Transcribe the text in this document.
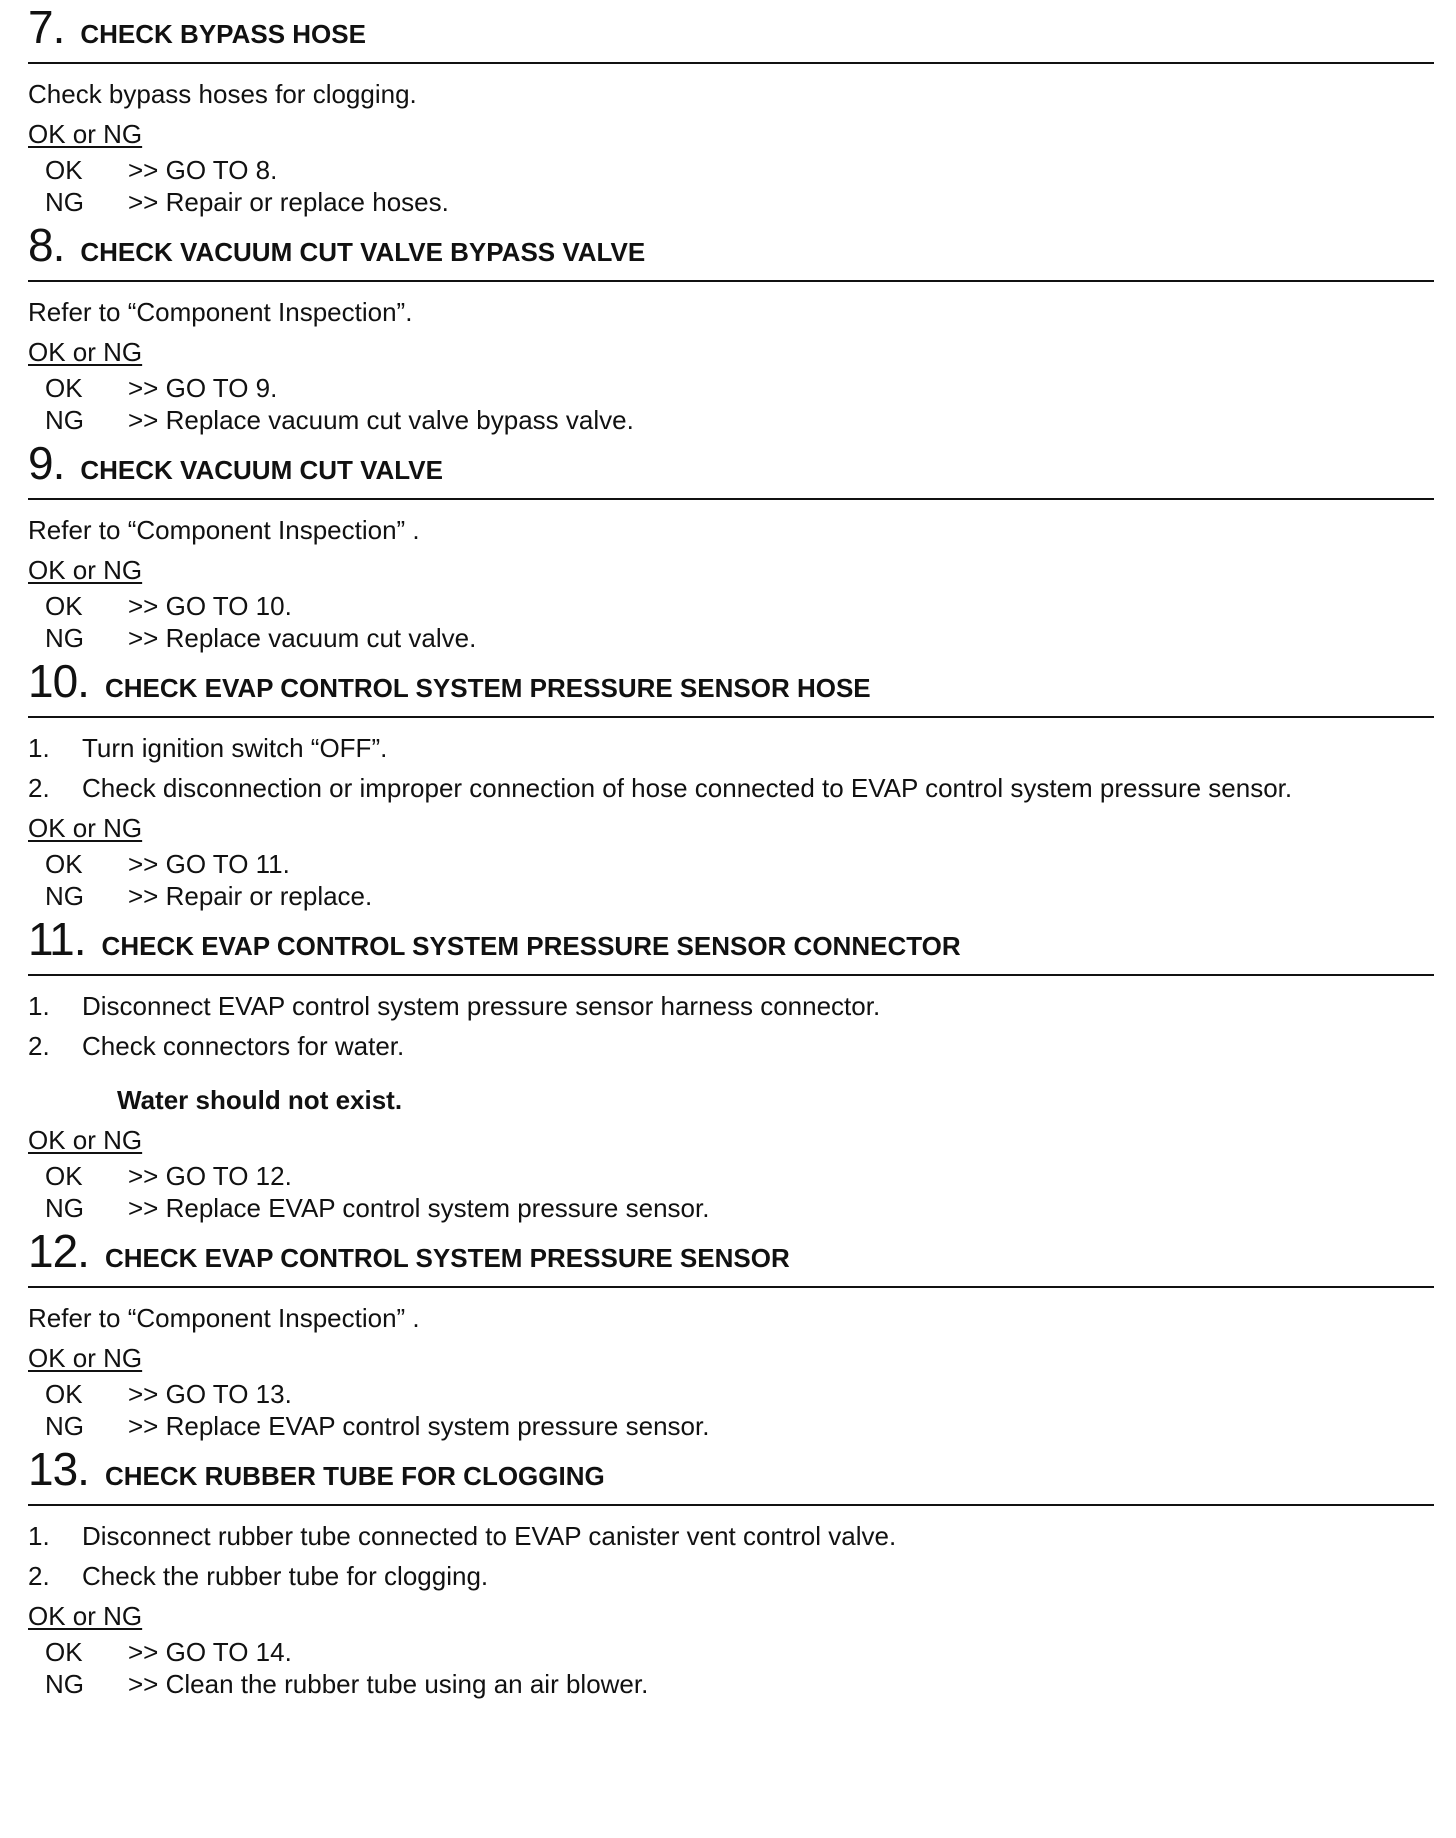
7. CHECK BYPASS HOSE
Check bypass hoses for clogging.
OK or NG
OK	>> GO TO 8.
NG	>> Repair or replace hoses.
8. CHECK VACUUM CUT VALVE BYPASS VALVE
Refer to “Component Inspection”.
OK or NG
OK	>> GO TO 9.
NG	>> Replace vacuum cut valve bypass valve.
9. CHECK VACUUM CUT VALVE
Refer to “Component Inspection” .
OK or NG
OK	>> GO TO 10.
NG	>> Replace vacuum cut valve.
10. CHECK EVAP CONTROL SYSTEM PRESSURE SENSOR HOSE
1.	Turn ignition switch “OFF”.
2.	Check disconnection or improper connection of hose connected to EVAP control system pressure sensor.
OK or NG
OK	>> GO TO 11.
NG	>> Repair or replace.
11. CHECK EVAP CONTROL SYSTEM PRESSURE SENSOR CONNECTOR
1.	Disconnect EVAP control system pressure sensor harness connector.
2.	Check connectors for water.
Water should not exist.
OK or NG
OK	>> GO TO 12.
NG	>> Replace EVAP control system pressure sensor.
12. CHECK EVAP CONTROL SYSTEM PRESSURE SENSOR
Refer to “Component Inspection” .
OK or NG
OK	>> GO TO 13.
NG	>> Replace EVAP control system pressure sensor.
13. CHECK RUBBER TUBE FOR CLOGGING
1.	Disconnect rubber tube connected to EVAP canister vent control valve.
2.	Check the rubber tube for clogging.
OK or NG
OK	>> GO TO 14.
NG	>> Clean the rubber tube using an air blower.
